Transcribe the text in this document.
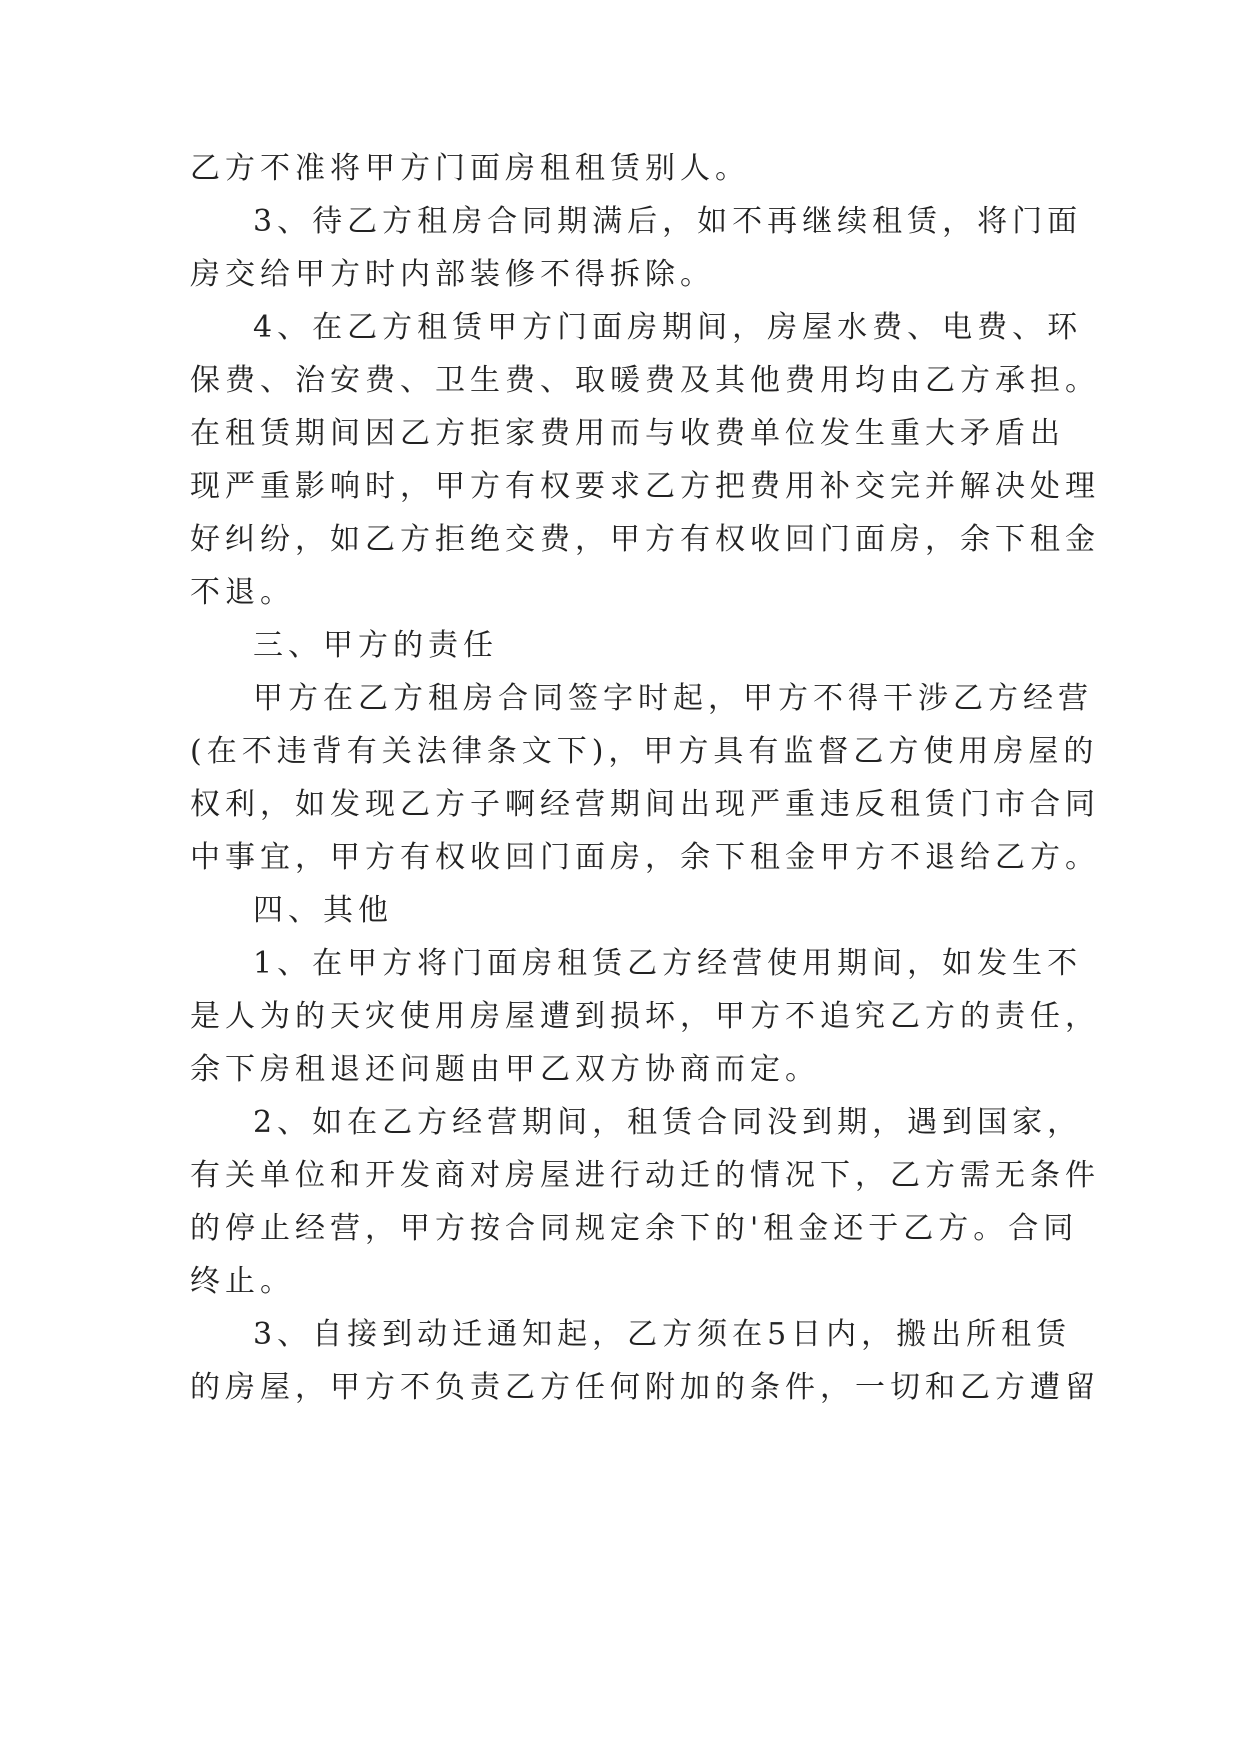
乙方不准将甲方门面房租租赁别人。
3、待乙方租房合同期满后，如不再继续租赁，将门面
房交给甲方时内部装修不得拆除。
4、在乙方租赁甲方门面房期间，房屋水费、电费、环
保费、治安费、卫生费、取暖费及其他费用均由乙方承担。
在租赁期间因乙方拒家费用而与收费单位发生重大矛盾出
现严重影响时，甲方有权要求乙方把费用补交完并解决处理
好纠纷，如乙方拒绝交费，甲方有权收回门面房，余下租金
不退。
三、甲方的责任
甲方在乙方租房合同签字时起，甲方不得干涉乙方经营
(在不违背有关法律条文下)，甲方具有监督乙方使用房屋的
权利，如发现乙方子啊经营期间出现严重违反租赁门市合同
中事宜，甲方有权收回门面房，余下租金甲方不退给乙方。
四、其他
1、在甲方将门面房租赁乙方经营使用期间，如发生不
是人为的天灾使用房屋遭到损坏，甲方不追究乙方的责任，
余下房租退还问题由甲乙双方协商而定。
2、如在乙方经营期间，租赁合同没到期，遇到国家，
有关单位和开发商对房屋进行动迁的情况下，乙方需无条件
的停止经营，甲方按合同规定余下的'租金还于乙方。合同
终止。
3、自接到动迁通知起，乙方须在5日内，搬出所租赁
的房屋，甲方不负责乙方任何附加的条件，一切和乙方遭留
